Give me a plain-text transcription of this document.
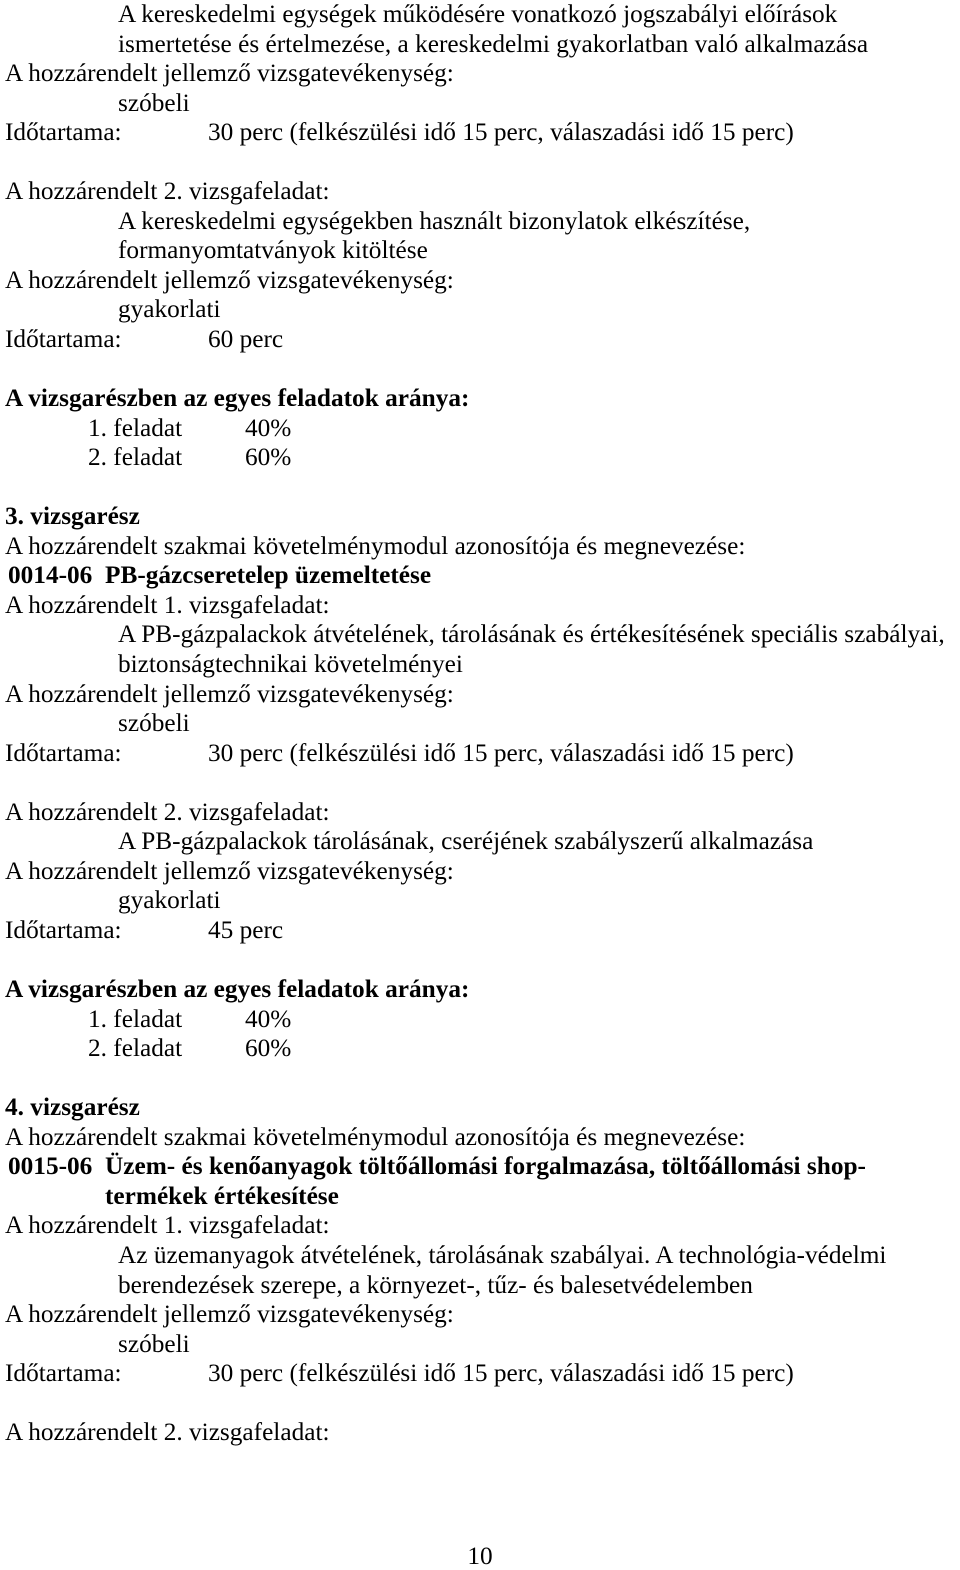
A kereskedelmi egységek működésére vonatkozó jogszabályi előírások
ismertetése és értelmezése, a kereskedelmi gyakorlatban való alkalmazása
A hozzárendelt jellemző vizsgatevékenység:
szóbeli
Időtartama:	30 perc (felkészülési idő 15 perc, válaszadási idő 15 perc)
A hozzárendelt 2. vizsgafeladat:
A kereskedelmi egységekben használt bizonylatok elkészítése,
formanyomtatványok kitöltése
A hozzárendelt jellemző vizsgatevékenység:
gyakorlati
Időtartama:	60 perc
A vizsgarészben az egyes feladatok aránya:
1. feladat 40%
2. feladat 60%
3. vizsgarész
A hozzárendelt szakmai követelménymodul azonosítója és megnevezése:
0014-06 PB-gázcseretelep üzemeltetése
A hozzárendelt 1. vizsgafeladat:
A PB-gázpalackok átvételének, tárolásának és értékesítésének speciális szabályai,
biztonságtechnikai követelményei
A hozzárendelt jellemző vizsgatevékenység:
szóbeli
Időtartama:	30 perc (felkészülési idő 15 perc, válaszadási idő 15 perc)
A hozzárendelt 2. vizsgafeladat:
A PB-gázpalackok tárolásának, cseréjének szabályszerű alkalmazása
A hozzárendelt jellemző vizsgatevékenység:
gyakorlati
Időtartama:	45 perc
A vizsgarészben az egyes feladatok aránya:
1. feladat 40%
2. feladat 60%
4. vizsgarész
A hozzárendelt szakmai követelménymodul azonosítója és megnevezése:
0015-06 Üzem- és kenőanyagok töltőállomási forgalmazása, töltőállomási shop-
termékek értékesítése
A hozzárendelt 1. vizsgafeladat:
Az üzemanyagok átvételének, tárolásának szabályai. A technológia-védelmi
berendezések szerepe, a környezet-, tűz- és balesetvédelemben
A hozzárendelt jellemző vizsgatevékenység:
szóbeli
Időtartama:	30 perc (felkészülési idő 15 perc, válaszadási idő 15 perc)
A hozzárendelt 2. vizsgafeladat:
10
